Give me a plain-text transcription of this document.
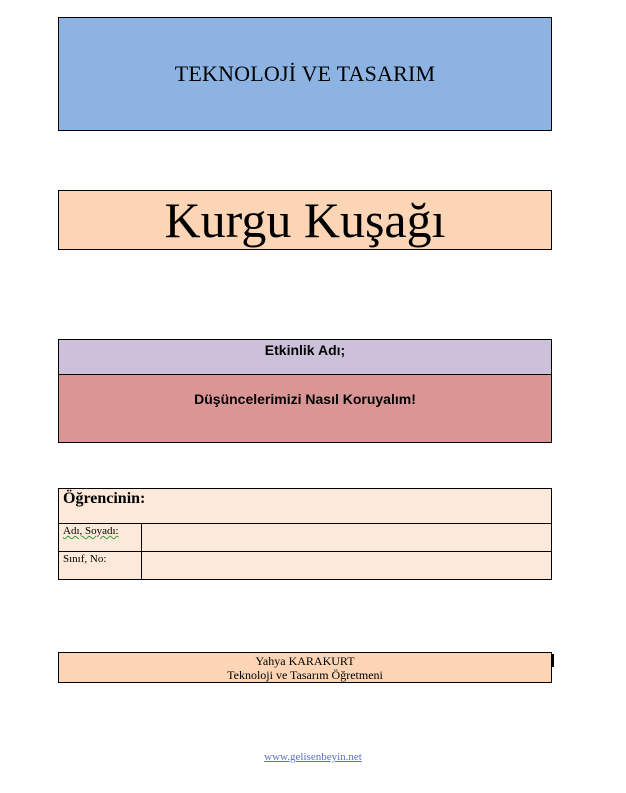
TEKNOLOJİ VE TASARIM
Kurgu Kuşağı
Etkinlik Adı;
Düşüncelerimizi Nasıl Koruyalım!
Öğrencinin:	
Adı, Soyadı:	
Sınıf, No:	
Yahya KARAKURT
Teknoloji ve Tasarım Öğretmeni
www.gelisenbeyin.net
